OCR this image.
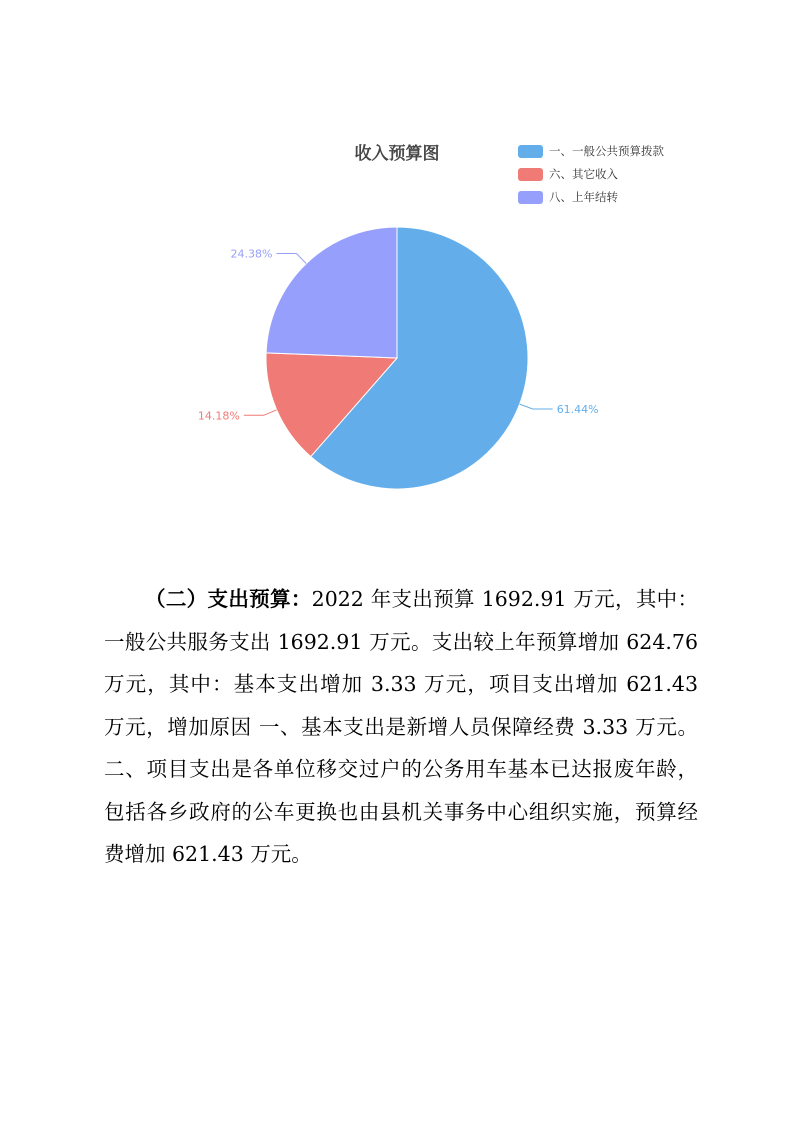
收入预算图	一、一般公共预算拨款
六、其它收入
八、上年结转
61.44%
14.18%
24.38%

（二）支出预算：2022 年支出预算 1692.91 万元，其中：一般公共服务支出 1692.91 万元。支出较上年预算增加 624.76 万元，其中：基本支出增加 3.33 万元，项目支出增加 621.43 万元，增加原因 一、基本支出是新增人员保障经费 3.33 万元。二、项目支出是各单位移交过户的公务用车基本已达报废年龄，包括各乡政府的公车更换也由县机关事务中心组织实施，预算经费增加 621.43 万元。
